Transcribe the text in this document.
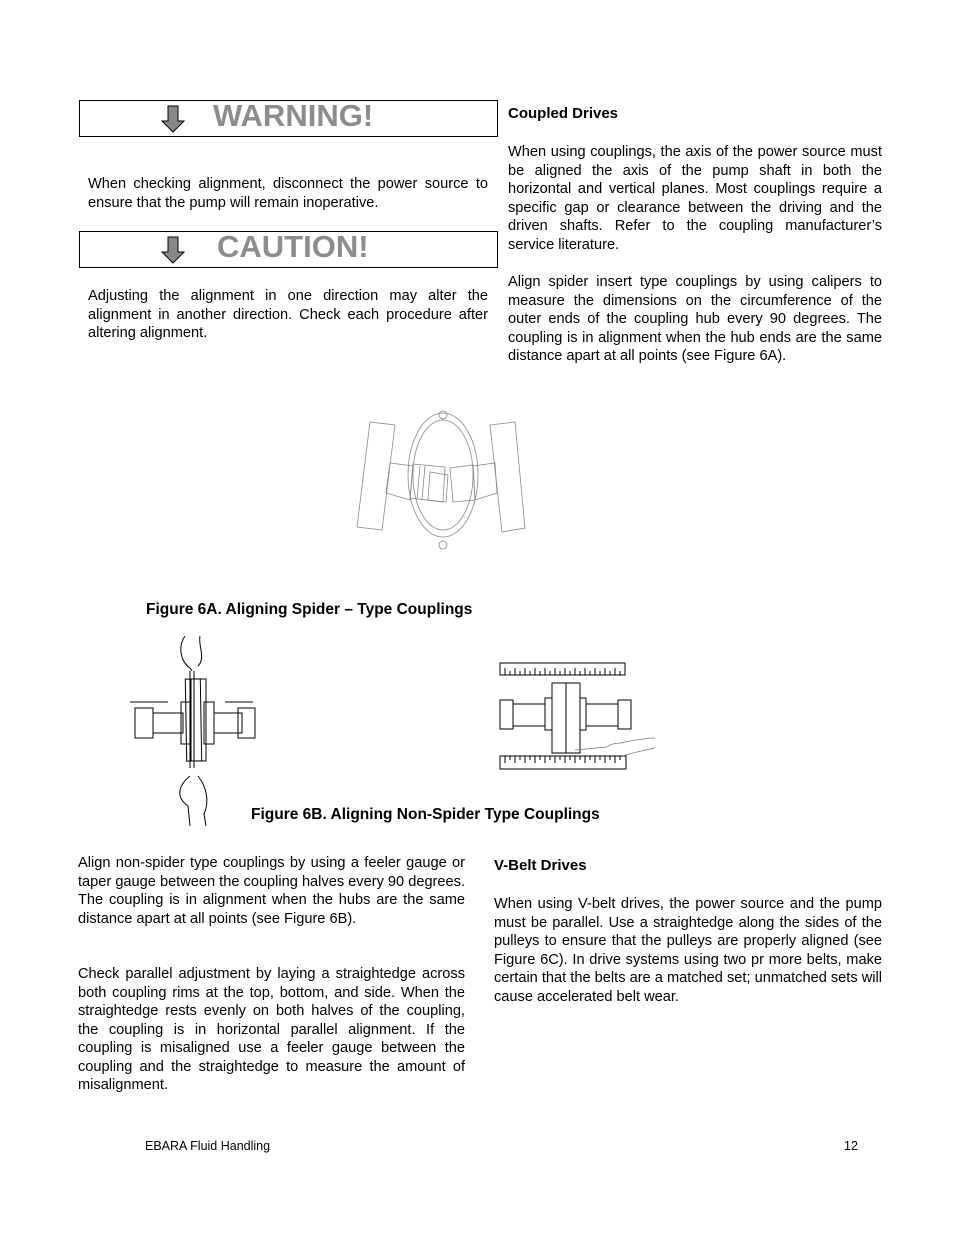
WARNING!

When checking alignment, disconnect the power source to ensure that the pump will remain inoperative.

CAUTION!

Adjusting the alignment in one direction may alter the alignment in another direction. Check each procedure after altering alignment.

Coupled Drives

When using couplings, the axis of the power source must be aligned the axis of the pump shaft in both the horizontal and vertical planes. Most couplings require a specific gap or clearance between the driving and the driven shafts. Refer to the coupling manufacturer’s service literature.

Align spider insert type couplings by using calipers to measure the dimensions on the circumference of the outer ends of the coupling hub every 90 degrees. The coupling is in alignment when the hub ends are the same distance apart at all points (see Figure 6A).

Figure 6A. Aligning Spider – Type Couplings
Figure 6B. Aligning Non-Spider Type Couplings

Align non-spider type couplings by using a feeler gauge or taper gauge between the coupling halves every 90 degrees. The coupling is in alignment when the hubs are the same distance apart at all points (see Figure 6B).

Check parallel adjustment by laying a straightedge across both coupling rims at the top, bottom, and side. When the straightedge rests evenly on both halves of the coupling, the coupling is in horizontal parallel alignment. If the coupling is misaligned use a feeler gauge between the coupling and the straightedge to measure the amount of misalignment.

V-Belt Drives

When using V-belt drives, the power source and the pump must be parallel. Use a straightedge along the sides of the pulleys to ensure that the pulleys are properly aligned (see Figure 6C). In drive systems using two pr more belts, make certain that the belts are a matched set; unmatched sets will cause accelerated belt wear.

EBARA Fluid Handling	12
